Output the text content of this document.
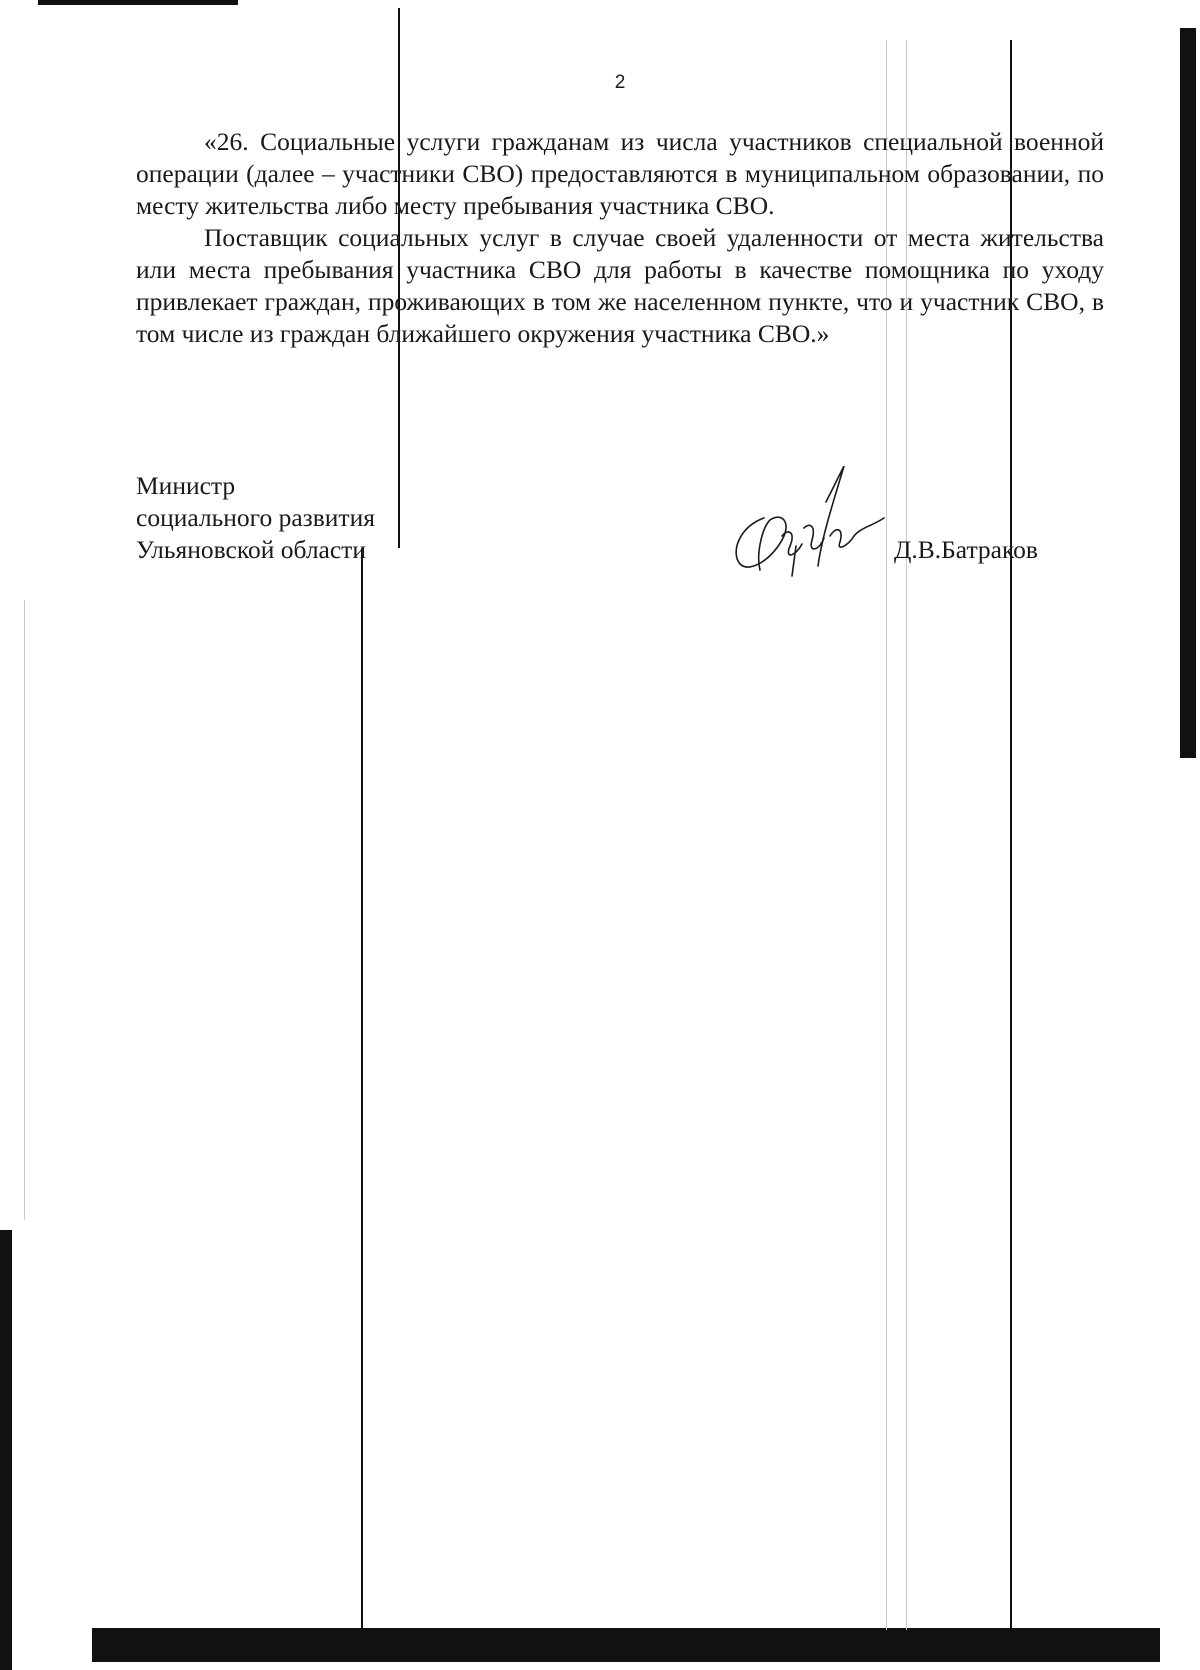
2

«26. Социальные услуги гражданам из числа участников специальной военной операции (далее – участники СВО) предоставляются в муниципальном образовании, по месту жительства либо месту пребывания участника СВО.

Поставщик социальных услуг в случае своей удаленности от места жительства или места пребывания участника СВО для работы в качестве помощника по уходу привлекает граждан, проживающих в том же населенном пункте, что и участник СВО, в том числе из граждан ближайшего окружения участника СВО.»

Министр
социального развития
Ульяновской области	Д.В.Батраков
